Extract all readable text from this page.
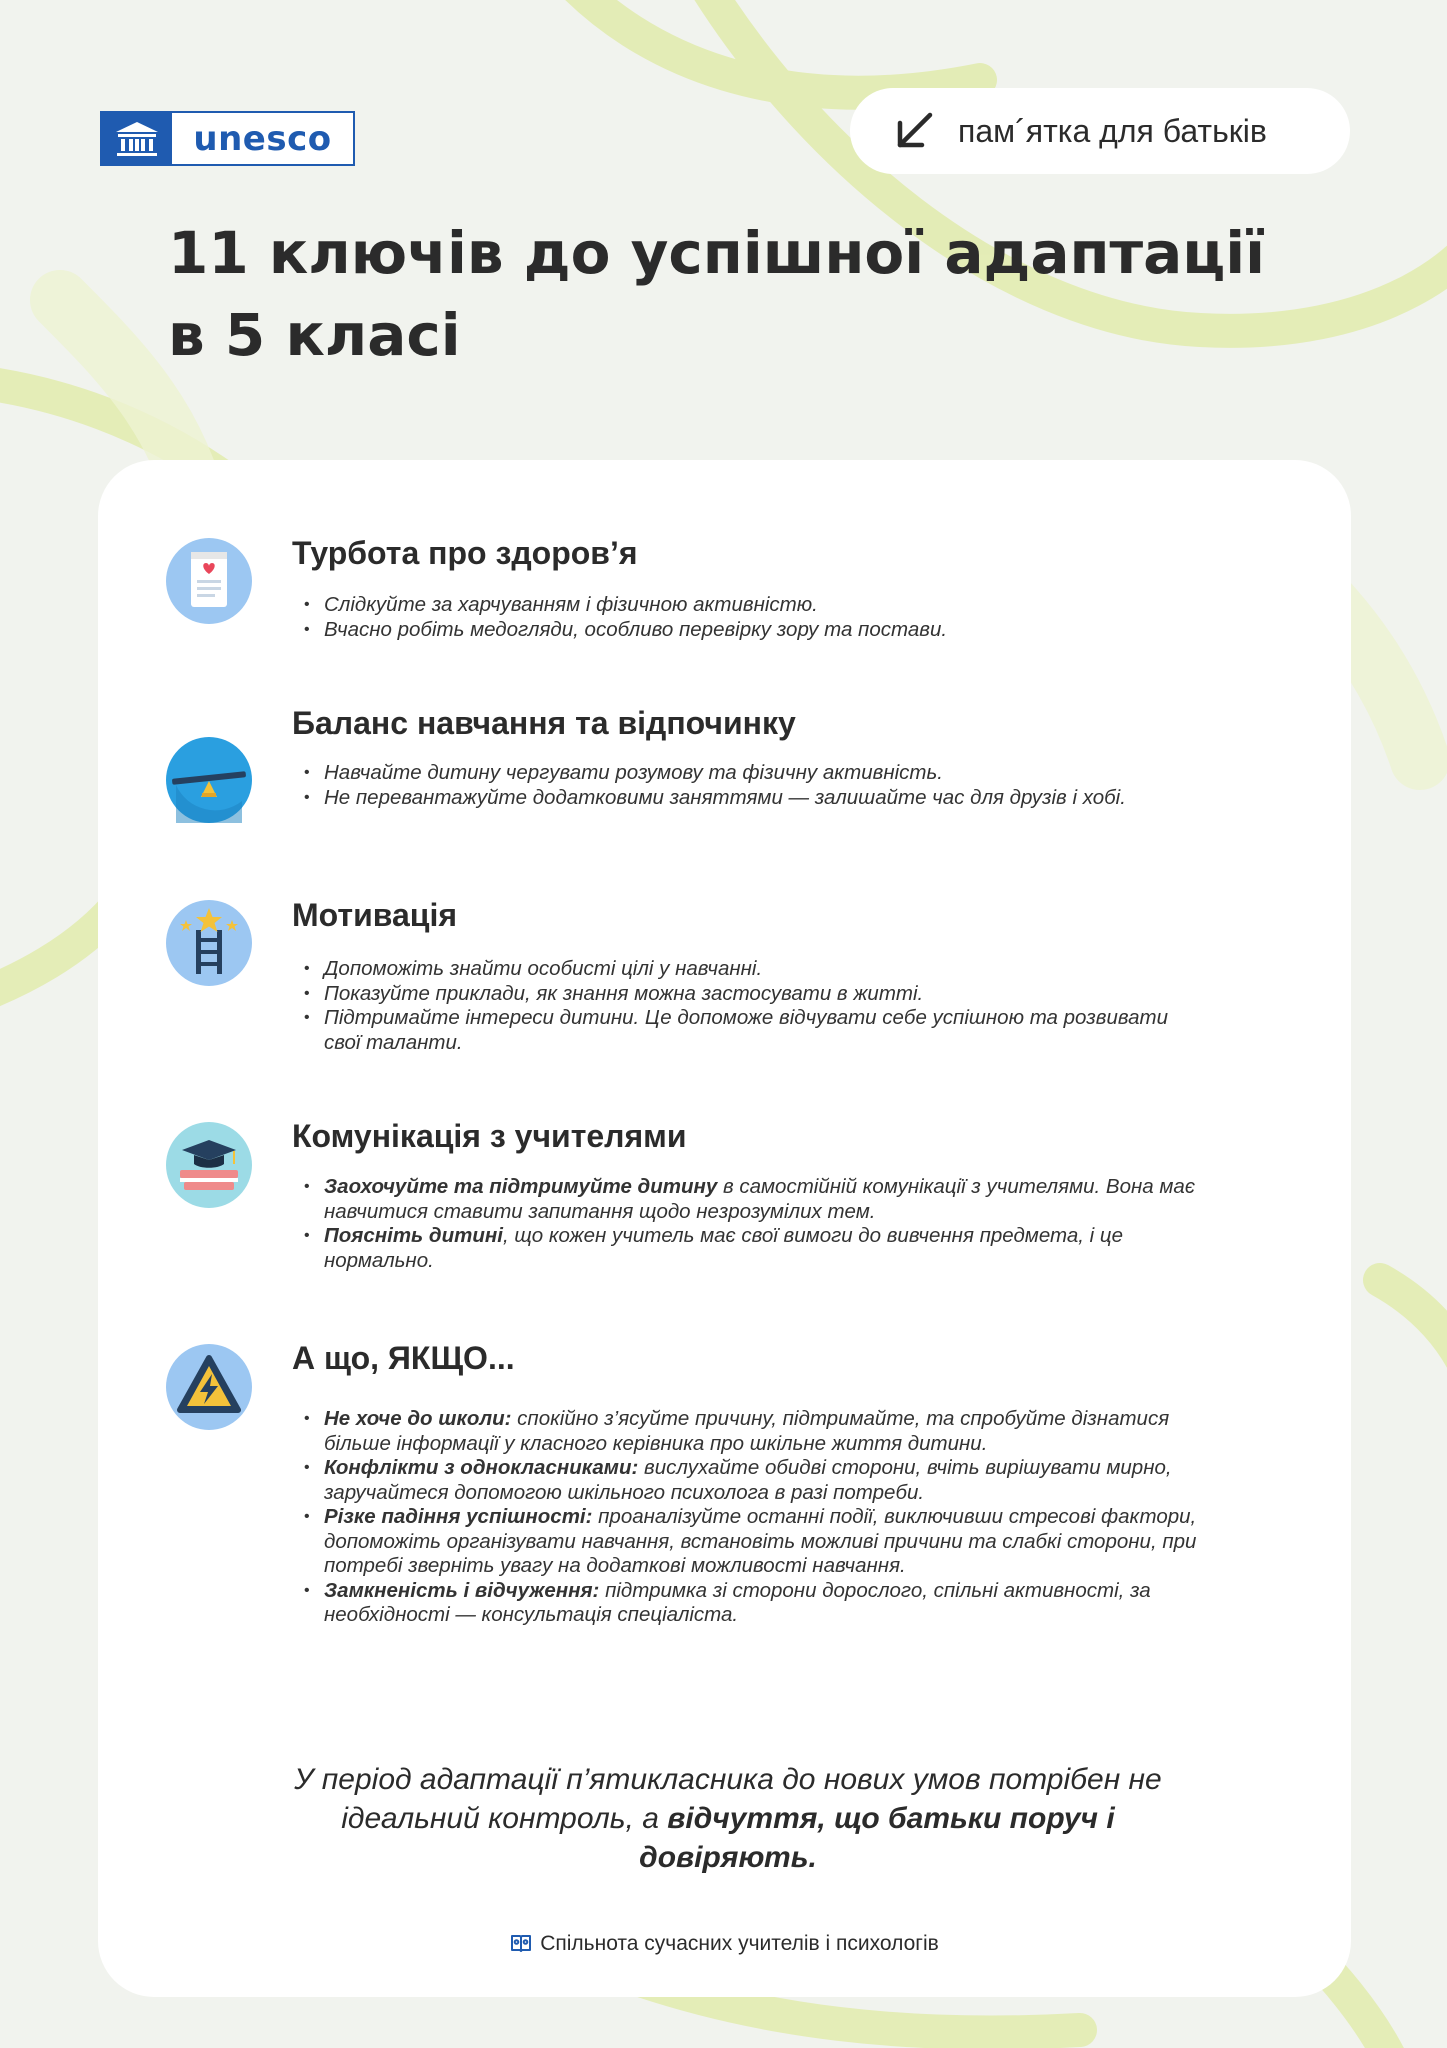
unesco	пам´ятка для батьків
11 ключів до успішної адаптації
в 5 класі
Турбота про здоров’я
• Слідкуйте за харчуванням і фізичною активністю.
• Вчасно робіть медогляди, особливо перевірку зору та постави.
Баланс навчання та відпочинку
• Навчайте дитину чергувати розумову та фізичну активність.
• Не перевантажуйте додатковими заняттями — залишайте час для друзів і хобі.
Мотивація
• Допоможіть знайти особисті цілі у навчанні.
• Показуйте приклади, як знання можна застосувати в житті.
• Підтримайте інтереси дитини. Це допоможе відчувати себе успішною та розвивати свої таланти.
Комунікація з учителями
• Заохочуйте та підтримуйте дитину в самостійній комунікації з учителями. Вона має навчитися ставити запитання щодо незрозумілих тем.
• Поясніть дитині, що кожен учитель має свої вимоги до вивчення предмета, і це нормально.
А що, ЯКЩО...
• Не хоче до школи: спокійно з’ясуйте причину, підтримайте, та спробуйте дізнатися більше інформації у класного керівника про шкільне життя дитини.
• Конфлікти з однокласниками: вислухайте обидві сторони, вчіть вирішувати мирно, заручайтеся допомогою шкільного психолога в разі потреби.
• Різке падіння успішності: проаналізуйте останні події, виключивши стресові фактори, допоможіть організувати навчання, встановіть можливі причини та слабкі сторони, при потребі зверніть увагу на додаткові можливості навчання.
• Замкненість і відчуження: підтримка зі сторони дорослого, спільні активності, за необхідності — консультація спеціаліста.

У період адаптації п’ятикласника до нових умов потрібен не ідеальний контроль, а відчуття, що батьки поруч і довіряють.

Спільнота сучасних учителів і психологів
